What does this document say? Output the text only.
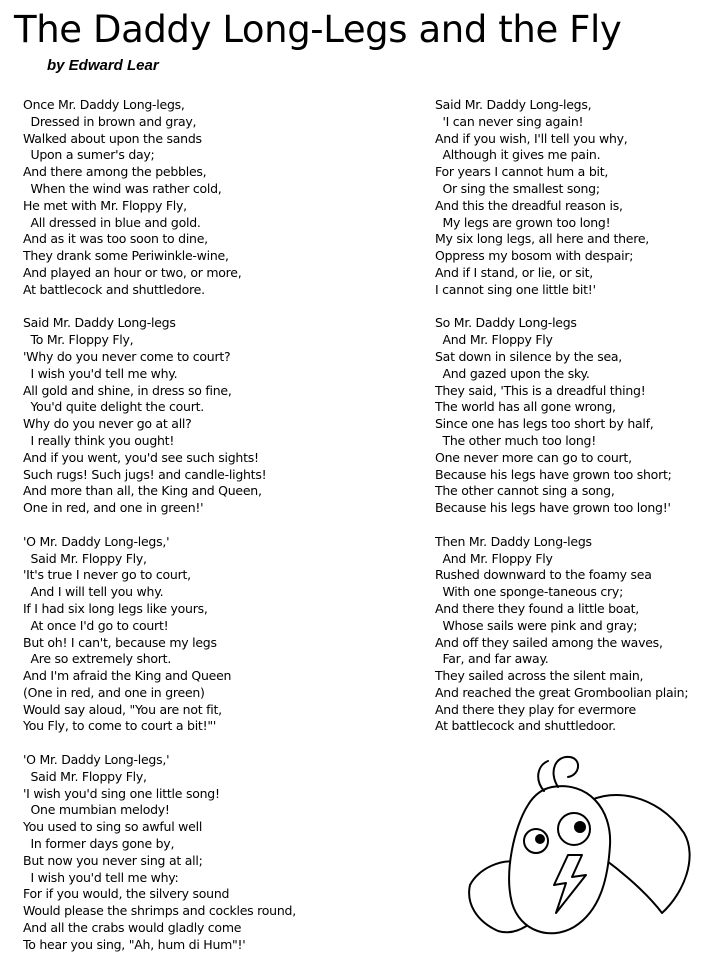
The Daddy Long-Legs and the Fly
by Edward Lear
Once Mr. Daddy Long-legs,
Dressed in brown and gray,
Walked about upon the sands
Upon a sumer's day;
And there among the pebbles,
When the wind was rather cold,
He met with Mr. Floppy Fly,
All dressed in blue and gold.
And as it was too soon to dine,
They drank some Periwinkle-wine,
And played an hour or two, or more,
At battlecock and shuttledore.
Said Mr. Daddy Long-legs
To Mr. Floppy Fly,
'Why do you never come to court?
I wish you'd tell me why.
All gold and shine, in dress so fine,
You'd quite delight the court.
Why do you never go at all?
I really think you ought!
And if you went, you'd see such sights!
Such rugs! Such jugs! and candle-lights!
And more than all, the King and Queen,
One in red, and one in green!'
'O Mr. Daddy Long-legs,'
Said Mr. Floppy Fly,
'It's true I never go to court,
And I will tell you why.
If I had six long legs like yours,
At once I'd go to court!
But oh! I can't, because my legs
Are so extremely short.
And I'm afraid the King and Queen
(One in red, and one in green)
Would say aloud, "You are not fit,
You Fly, to come to court a bit!"'
'O Mr. Daddy Long-legs,'
Said Mr. Floppy Fly,
'I wish you'd sing one little song!
One mumbian melody!
You used to sing so awful well
In former days gone by,
But now you never sing at all;
I wish you'd tell me why:
For if you would, the silvery sound
Would please the shrimps and cockles round,
And all the crabs would gladly come
To hear you sing, "Ah, hum di Hum"!'
Said Mr. Daddy Long-legs,
'I can never sing again!
And if you wish, I'll tell you why,
Although it gives me pain.
For years I cannot hum a bit,
Or sing the smallest song;
And this the dreadful reason is,
My legs are grown too long!
My six long legs, all here and there,
Oppress my bosom with despair;
And if I stand, or lie, or sit,
I cannot sing one little bit!'
So Mr. Daddy Long-legs
And Mr. Floppy Fly
Sat down in silence by the sea,
And gazed upon the sky.
They said, 'This is a dreadful thing!
The world has all gone wrong,
Since one has legs too short by half,
The other much too long!
One never more can go to court,
Because his legs have grown too short;
The other cannot sing a song,
Because his legs have grown too long!'
Then Mr. Daddy Long-legs
And Mr. Floppy Fly
Rushed downward to the foamy sea
With one sponge-taneous cry;
And there they found a little boat,
Whose sails were pink and gray;
And off they sailed among the waves,
Far, and far away.
They sailed across the silent main,
And reached the great Gromboolian plain;
And there they play for evermore
At battlecock and shuttledoor.
